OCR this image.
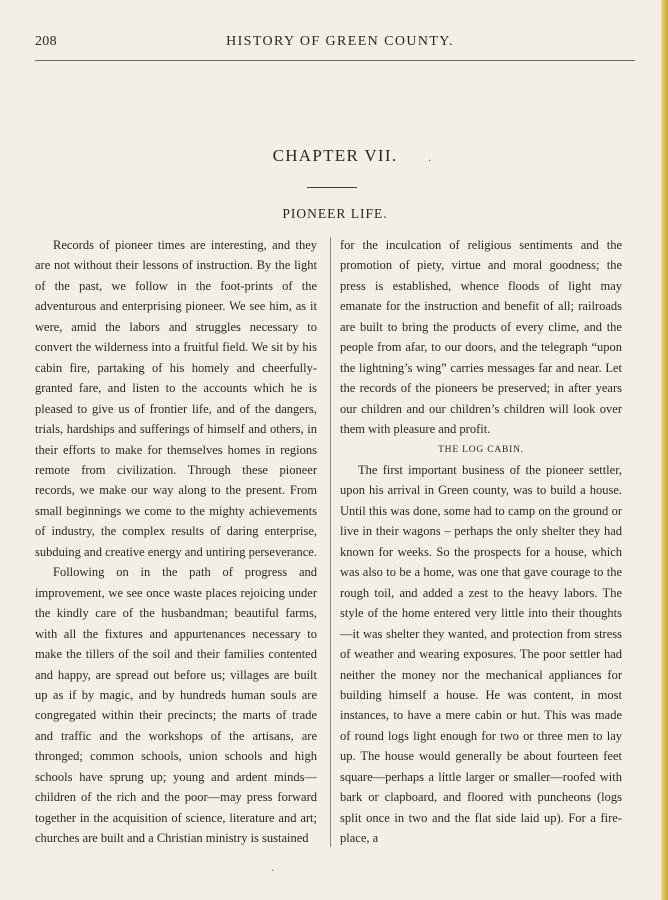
208	HISTORY OF GREEN COUNTY.
CHAPTER VII.
PIONEER LIFE.

Records of pioneer times are interesting, and they are not without their lessons of instruction. By the light of the past, we follow in the foot-prints of the adventurous and enterprising pioneer. We see him, as it were, amid the labors and struggles necessary to convert the wilderness into a fruitful field. We sit by his cabin fire, partaking of his homely and cheerfully-granted fare, and listen to the accounts which he is pleased to give us of frontier life, and of the dangers, trials, hardships and sufferings of himself and others, in their efforts to make for themselves homes in regions remote from civilization. Through these pioneer records, we make our way along to the present. From small beginnings we come to the mighty achievements of industry, the complex results of daring enterprise, subduing and creative energy and untiring perseverance.

Following on in the path of progress and improvement, we see once waste places rejoicing under the kindly care of the husbandman; beautiful farms, with all the fixtures and appurtenances necessary to make the tillers of the soil and their families contented and happy, are spread out before us; villages are built up as if by magic, and by hundreds human souls are congregated within their precincts; the marts of trade and traffic and the workshops of the artisans, are thronged; common schools, union schools and high schools have sprung up; young and ardent minds—children of the rich and the poor—may press forward together in the acquisition of science, literature and art; churches are built and a Christian ministry is sustained

for the inculcation of religious sentiments and the promotion of piety, virtue and moral goodness; the press is established, whence floods of light may emanate for the instruction and benefit of all; railroads are built to bring the products of every clime, and the people from afar, to our doors, and the telegraph “upon the lightning’s wing” carries messages far and near. Let the records of the pioneers be preserved; in after years our children and our children’s children will look over them with pleasure and profit.

THE LOG CABIN.

The first important business of the pioneer settler, upon his arrival in Green county, was to build a house. Until this was done, some had to camp on the ground or live in their wagons – perhaps the only shelter they had known for weeks. So the prospects for a house, which was also to be a home, was one that gave courage to the rough toil, and added a zest to the heavy labors. The style of the home entered very little into their thoughts—it was shelter they wanted, and protection from stress of weather and wearing exposures. The poor settler had neither the money nor the mechanical appliances for building himself a house. He was content, in most instances, to have a mere cabin or hut. This was made of round logs light enough for two or three men to lay up. The house would generally be about fourteen feet square—perhaps a little larger or smaller—roofed with bark or clapboard, and floored with puncheons (logs split once in two and the flat side laid up). For a fire-place, a

·
·
